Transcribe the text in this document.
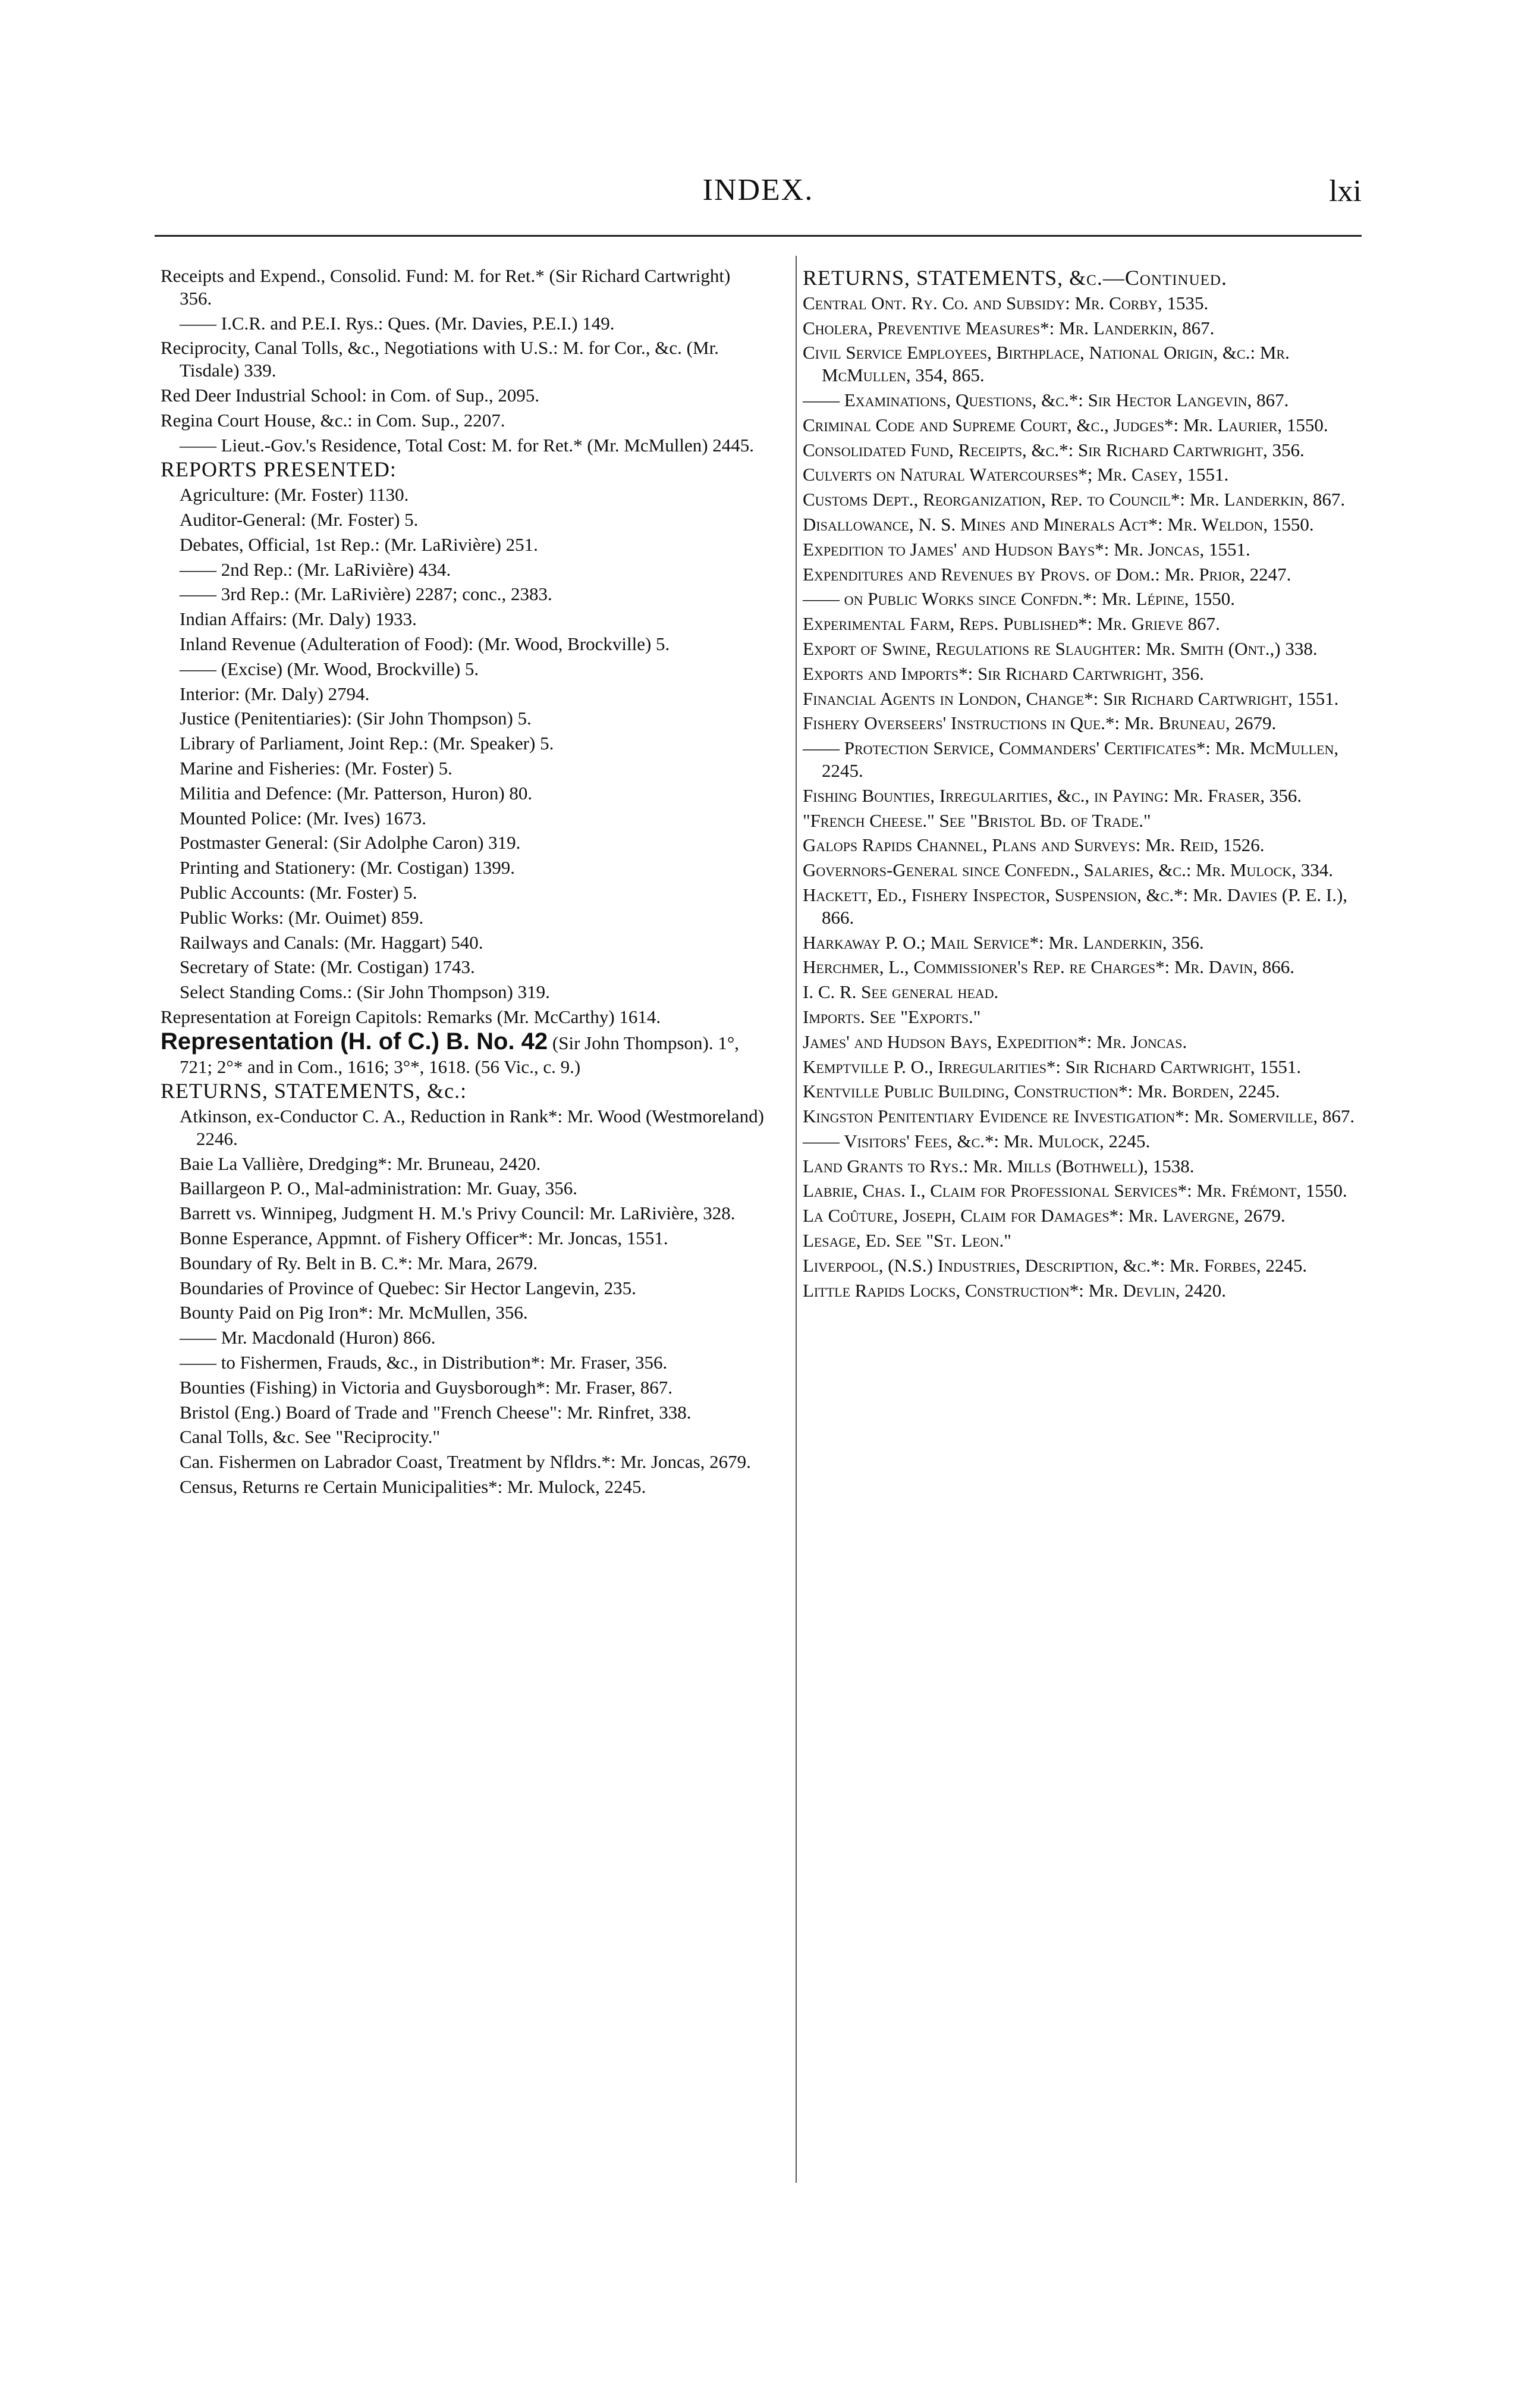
INDEX.	lxi
Receipts and Expend., Consolid. Fund: M. for Ret.* (Sir Richard Cartwright) 356.
—— I.C.R. and P.E.I. Rys.: Ques. (Mr. Davies, P.E.I.) 149.
Reciprocity, Canal Tolls, &c., Negotiations with U.S.: M. for Cor., &c. (Mr. Tisdale) 339.
Red Deer Industrial School: in Com. of Sup., 2095.
Regina Court House, &c.: in Com. Sup., 2207.
—— Lieut.-Gov.'s Residence, Total Cost: M. for Ret.* (Mr. McMullen) 2445.
REPORTS PRESENTED:
Agriculture: (Mr. Foster) 1130.
Auditor-General: (Mr. Foster) 5.
Debates, Official, 1st Rep.: (Mr. LaRivière) 251.
—— 2nd Rep.: (Mr. LaRivière) 434.
—— 3rd Rep.: (Mr. LaRivière) 2287; conc., 2383.
Indian Affairs: (Mr. Daly) 1933.
Inland Revenue (Adulteration of Food): (Mr. Wood, Brockville) 5.
—— (Excise) (Mr. Wood, Brockville) 5.
Interior: (Mr. Daly) 2794.
Justice (Penitentiaries): (Sir John Thompson) 5.
Library of Parliament, Joint Rep.: (Mr. Speaker) 5.
Marine and Fisheries: (Mr. Foster) 5.
Militia and Defence: (Mr. Patterson, Huron) 80.
Mounted Police: (Mr. Ives) 1673.
Postmaster General: (Sir Adolphe Caron) 319.
Printing and Stationery: (Mr. Costigan) 1399.
Public Accounts: (Mr. Foster) 5.
Public Works: (Mr. Ouimet) 859.
Railways and Canals: (Mr. Haggart) 540.
Secretary of State: (Mr. Costigan) 1743.
Select Standing Coms.: (Sir John Thompson) 319.
Representation at Foreign Capitols: Remarks (Mr. McCarthy) 1614.
Representation (H. of C.) B. No. 42 (Sir John Thompson). 1°, 721; 2°* and in Com., 1616; 3°*, 1618. (56 Vic., c. 9.)
RETURNS, STATEMENTS, &c.:
Atkinson, ex-Conductor C. A., Reduction in Rank*: Mr. Wood (Westmoreland) 2246.
Baie La Vallière, Dredging*: Mr. Bruneau, 2420.
Baillargeon P. O., Mal-administration: Mr. Guay, 356.
Barrett vs. Winnipeg, Judgment H. M.'s Privy Council: Mr. LaRivière, 328.
Bonne Esperance, Appmnt. of Fishery Officer*: Mr. Joncas, 1551.
Boundary of Ry. Belt in B. C.*: Mr. Mara, 2679.
Boundaries of Province of Quebec: Sir Hector Langevin, 235.
Bounty Paid on Pig Iron*: Mr. McMullen, 356.
—— Mr. Macdonald (Huron) 866.
—— to Fishermen, Frauds, &c., in Distribution*: Mr. Fraser, 356.
Bounties (Fishing) in Victoria and Guysborough*: Mr. Fraser, 867.
Bristol (Eng.) Board of Trade and "French Cheese": Mr. Rinfret, 338.
Canal Tolls, &c. See "Reciprocity."
Can. Fishermen on Labrador Coast, Treatment by Nfldrs.*: Mr. Joncas, 2679.
Census, Returns re Certain Municipalities*: Mr. Mulock, 2245.
RETURNS, STATEMENTS, &c.—Continued.
Central Ont. Ry. Co. and Subsidy: Mr. Corby, 1535.
Cholera, Preventive Measures*: Mr. Landerkin, 867.
Civil Service Employees, Birthplace, National Origin, &c.: Mr. McMullen, 354, 865.
—— Examinations, Questions, &c.*: Sir Hector Langevin, 867.
Criminal Code and Supreme Court, &c., Judges*: Mr. Laurier, 1550.
Consolidated Fund, Receipts, &c.*: Sir Richard Cartwright, 356.
Culverts on Natural Watercourses*; Mr. Casey, 1551.
Customs Dept., Reorganization, Rep. to Council*: Mr. Landerkin, 867.
Disallowance, N. S. Mines and Minerals Act*: Mr. Weldon, 1550.
Expedition to James' and Hudson Bays*: Mr. Joncas, 1551.
Expenditures and Revenues by Provs. of Dom.: Mr. Prior, 2247.
—— on Public Works since Confdn.*: Mr. Lépine, 1550.
Experimental Farm, Reps. Published*: Mr. Grieve 867.
Export of Swine, Regulations re Slaughter: Mr. Smith (Ont.,) 338.
Exports and Imports*: Sir Richard Cartwright, 356.
Financial Agents in London, Change*: Sir Richard Cartwright, 1551.
Fishery Overseers' Instructions in Que.*: Mr. Bruneau, 2679.
—— Protection Service, Commanders' Certificates*: Mr. McMullen, 2245.
Fishing Bounties, Irregularities, &c., in Paying: Mr. Fraser, 356.
"French Cheese." See "Bristol Bd. of Trade."
Galops Rapids Channel, Plans and Surveys: Mr. Reid, 1526.
Governors-General since Confedn., Salaries, &c.: Mr. Mulock, 334.
Hackett, Ed., Fishery Inspector, Suspension, &c.*: Mr. Davies (P. E. I.), 866.
Harkaway P. O.; Mail Service*: Mr. Landerkin, 356.
Herchmer, L., Commissioner's Rep. re Charges*: Mr. Davin, 866.
I. C. R. See general head.
Imports. See "Exports."
James' and Hudson Bays, Expedition*: Mr. Joncas.
Kemptville P. O., Irregularities*: Sir Richard Cartwright, 1551.
Kentville Public Building, Construction*: Mr. Borden, 2245.
Kingston Penitentiary Evidence re Investigation*: Mr. Somerville, 867.
—— Visitors' Fees, &c.*: Mr. Mulock, 2245.
Land Grants to Rys.: Mr. Mills (Bothwell), 1538.
Labrie, Chas. I., Claim for Professional Services*: Mr. Frémont, 1550.
La Coûture, Joseph, Claim for Damages*: Mr. Lavergne, 2679.
Lesage, Ed. See "St. Leon."
Liverpool, (N.S.) Industries, Description, &c.*: Mr. Forbes, 2245.
Little Rapids Locks, Construction*: Mr. Devlin, 2420.
